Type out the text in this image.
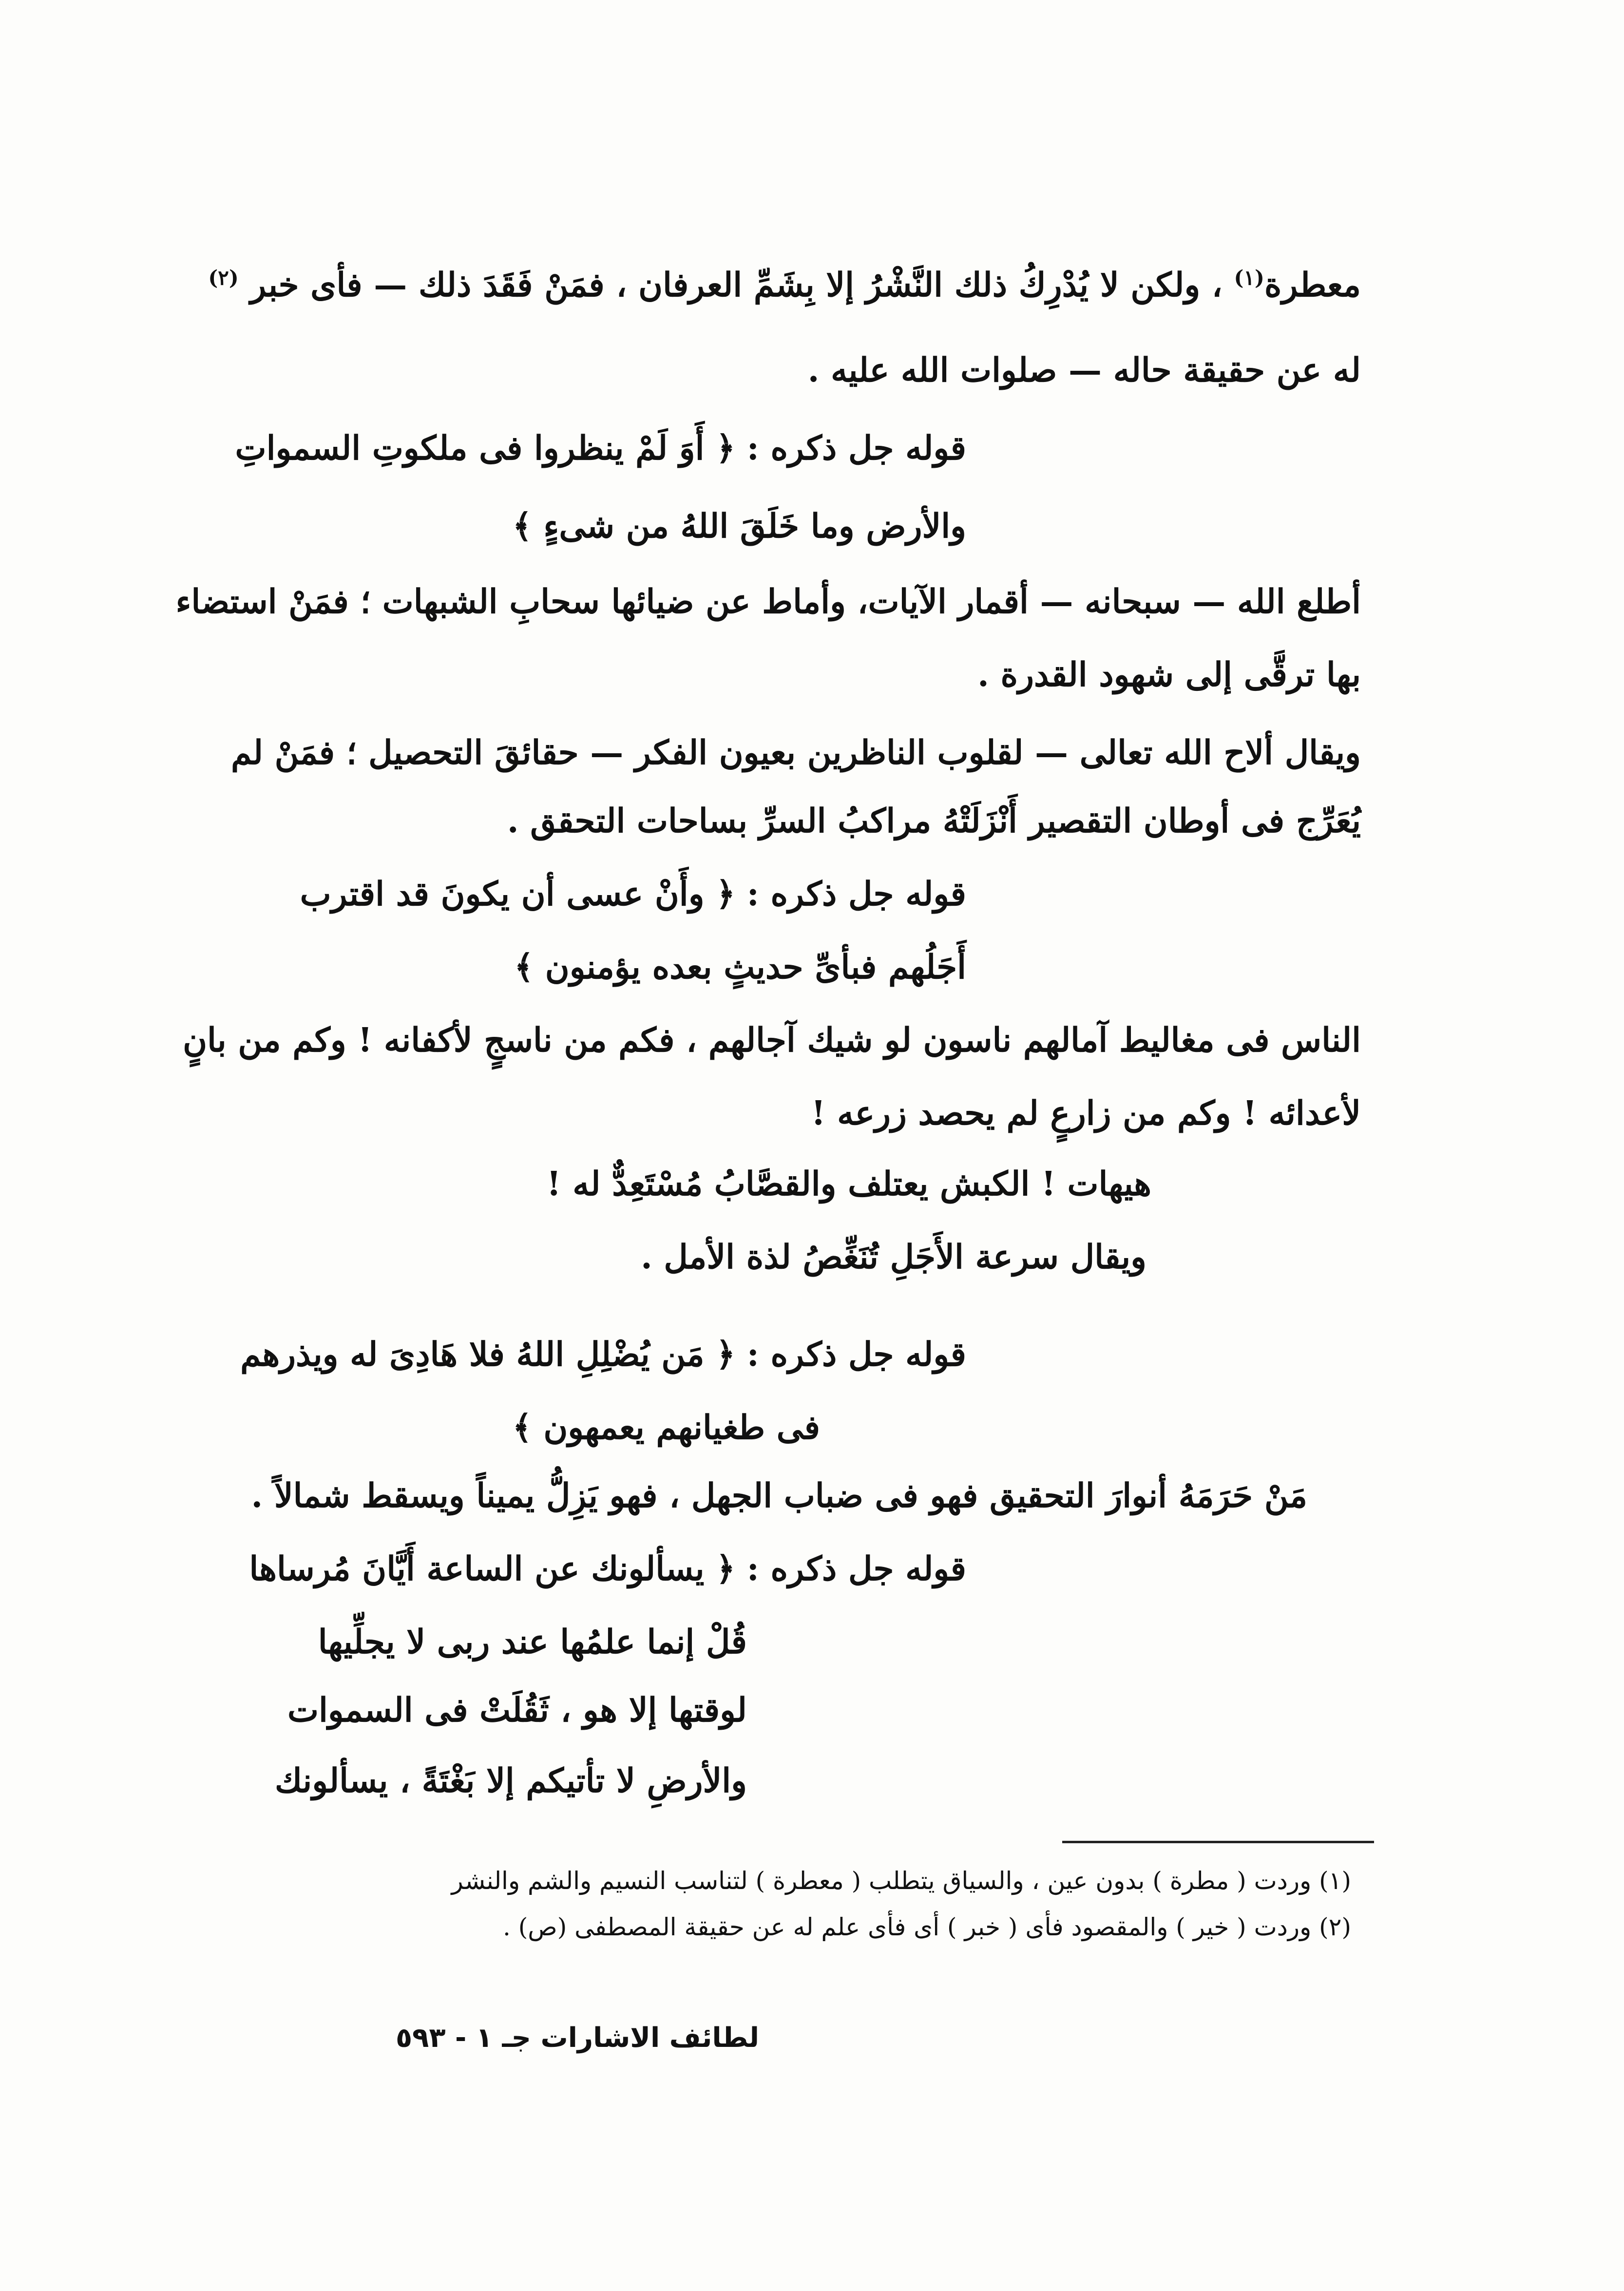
معطرة$^{(١)}$ ، ولكن لا يُدْرِكُ ذلك النَّشْرُ إلا بِشَمِّ العرفان ، فمَنْ فَقَدَ ذلك — فأى خبر $^{(٢)}$
له عن حقيقة حاله — صلوات الله عليه .
قوله جل ذكره : ﴿ أَوَ لَمْ ينظروا فى ملكوتِ السمواتِ
والأرض وما خَلَقَ اللهُ من شىءٍ ﴾
أطلع الله — سبحانه — أقمار الآيات، وأماط عن ضيائها سحابِ الشبهات ؛ فمَنْ استضاء
بها ترقَّى إلى شهود القدرة .
ويقال ألاح الله تعالى — لقلوب الناظرين بعيون الفكر — حقائقَ التحصيل ؛ فمَنْ لم
يُعَرِّج فى أوطان التقصير أَنْزَلَتْهُ مراكبُ السرِّ بساحات التحقق .
قوله جل ذكره : ﴿ وأَنْ عسى أن يكونَ قد اقترب
أَجَلُهم فبأىِّ حديثٍ بعده يؤمنون ﴾
الناس فى مغاليط آمالهم ناسون لو شيك آجالهم ، فكم من ناسجٍ لأكفانه ! وكم من بانٍ
لأعدائه ! وكم من زارعٍ لم يحصد زرعه !
هيهات ! الكبش يعتلف والقصَّابُ مُسْتَعِدٌّ له !
ويقال سرعة الأَجَلِ تُنَغِّصُ لذة الأمل .
قوله جل ذكره : ﴿ مَن يُضْلِلِ اللهُ فلا هَادِىَ له ويذرهم
فى طغيانهم يعمهون ﴾
مَنْ حَرَمَهُ أنوارَ التحقيق فهو فى ضباب الجهل ، فهو يَزِلُّ يميناً ويسقط شمالاً .
قوله جل ذكره : ﴿ يسألونك عن الساعة أَيَّانَ مُرساها
قُلْ إنما علمُها عند ربى لا يجلِّيها
لوقتها إلا هو ، ثَقُلَتْ فى السموات
والأرضِ لا تأتيكم إلا بَغْتَةً ، يسألونك
(١) وردت ( مطرة ) بدون عين ، والسياق يتطلب ( معطرة ) لتناسب النسيم والشم والنشر
(٢) وردت ( خير ) والمقصود فأى ( خبر ) أى فأى علم له عن حقيقة المصطفى (ص) .
لطائف الاشارات جـ ١ - ٥٩٣
